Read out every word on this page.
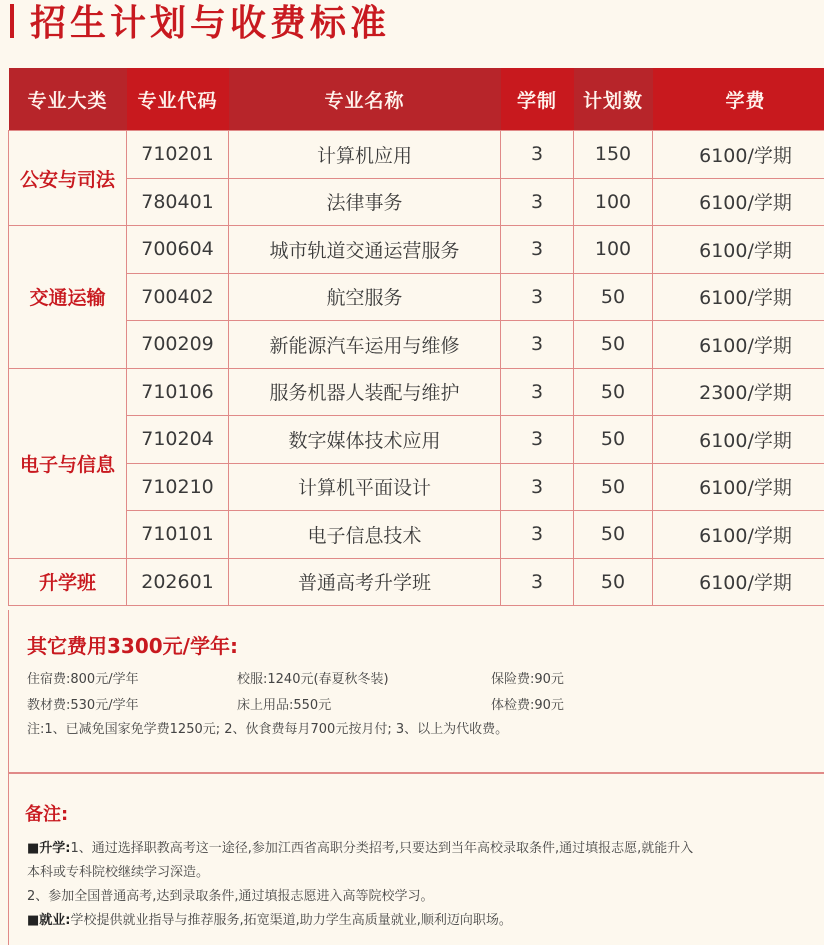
招生计划与收费标准
专业大类	专业代码	专业名称	学制	计划数	学费
公安与司法	710201	计算机应用	3	150	6100/学期
	780401	法律事务	3	100	6100/学期
交通运输	700604	城市轨道交通运营服务	3	100	6100/学期
	700402	航空服务	3	50	6100/学期
	700209	新能源汽车运用与维修	3	50	6100/学期
电子与信息	710106	服务机器人装配与维护	3	50	2300/学期
	710204	数字媒体技术应用	3	50	6100/学期
	710210	计算机平面设计	3	50	6100/学期
	710101	电子信息技术	3	50	6100/学期
升学班	202601	普通高考升学班	3	50	6100/学期
其它费用3300元/学年:
住宿费:800元/学年	校服:1240元(春夏秋冬装)	保险费:90元
教材费:530元/学年	床上用品:550元	体检费:90元
注:1、已减免国家免学费1250元; 2、伙食费每月700元按月付; 3、以上为代收费。
备注:
■升学:1、通过选择职教高考这一途径,参加江西省高职分类招考,只要达到当年高校录取条件,通过填报志愿,就能升入
本科或专科院校继续学习深造。
2、参加全国普通高考,达到录取条件,通过填报志愿进入高等院校学习。
■就业:学校提供就业指导与推荐服务,拓宽渠道,助力学生高质量就业,顺利迈向职场。
